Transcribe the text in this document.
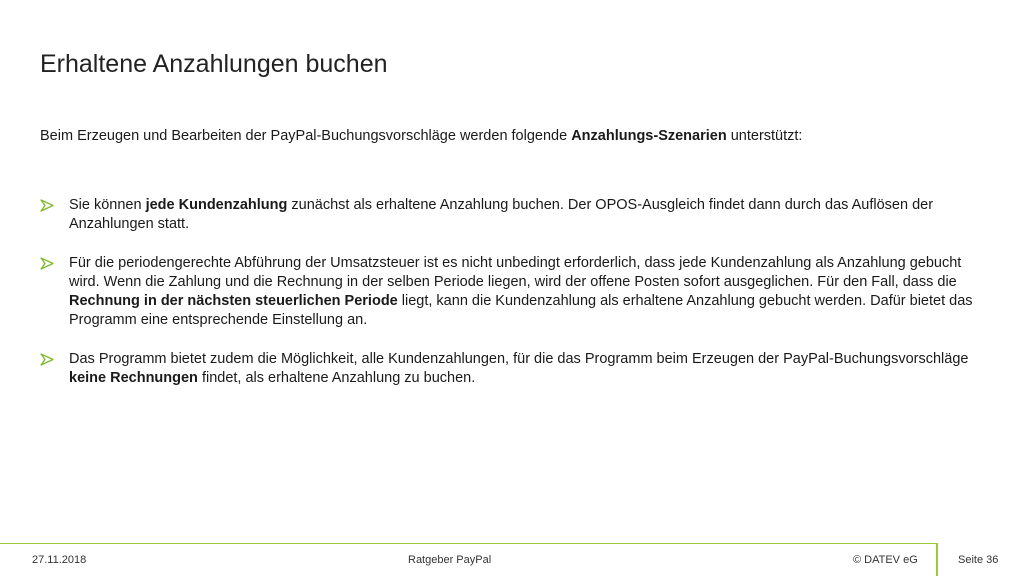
Erhaltene Anzahlungen buchen

Beim Erzeugen und Bearbeiten der PayPal-Buchungsvorschläge werden folgende Anzahlungs-Szenarien unterstützt:

Sie können jede Kundenzahlung zunächst als erhaltene Anzahlung buchen. Der OPOS-Ausgleich findet dann durch das Auflösen der Anzahlungen statt.
Für die periodengerechte Abführung der Umsatzsteuer ist es nicht unbedingt erforderlich, dass jede Kundenzahlung als Anzahlung gebucht wird. Wenn die Zahlung und die Rechnung in der selben Periode liegen, wird der offene Posten sofort ausgeglichen. Für den Fall, dass die Rechnung in der nächsten steuerlichen Periode liegt, kann die Kundenzahlung als erhaltene Anzahlung gebucht werden. Dafür bietet das Programm eine entsprechende Einstellung an.
Das Programm bietet zudem die Möglichkeit, alle Kundenzahlungen, für die das Programm beim Erzeugen der PayPal-Buchungsvorschläge keine Rechnungen findet, als erhaltene Anzahlung zu buchen.
27.11.2018	Ratgeber PayPal	© DATEV eG	Seite 36
